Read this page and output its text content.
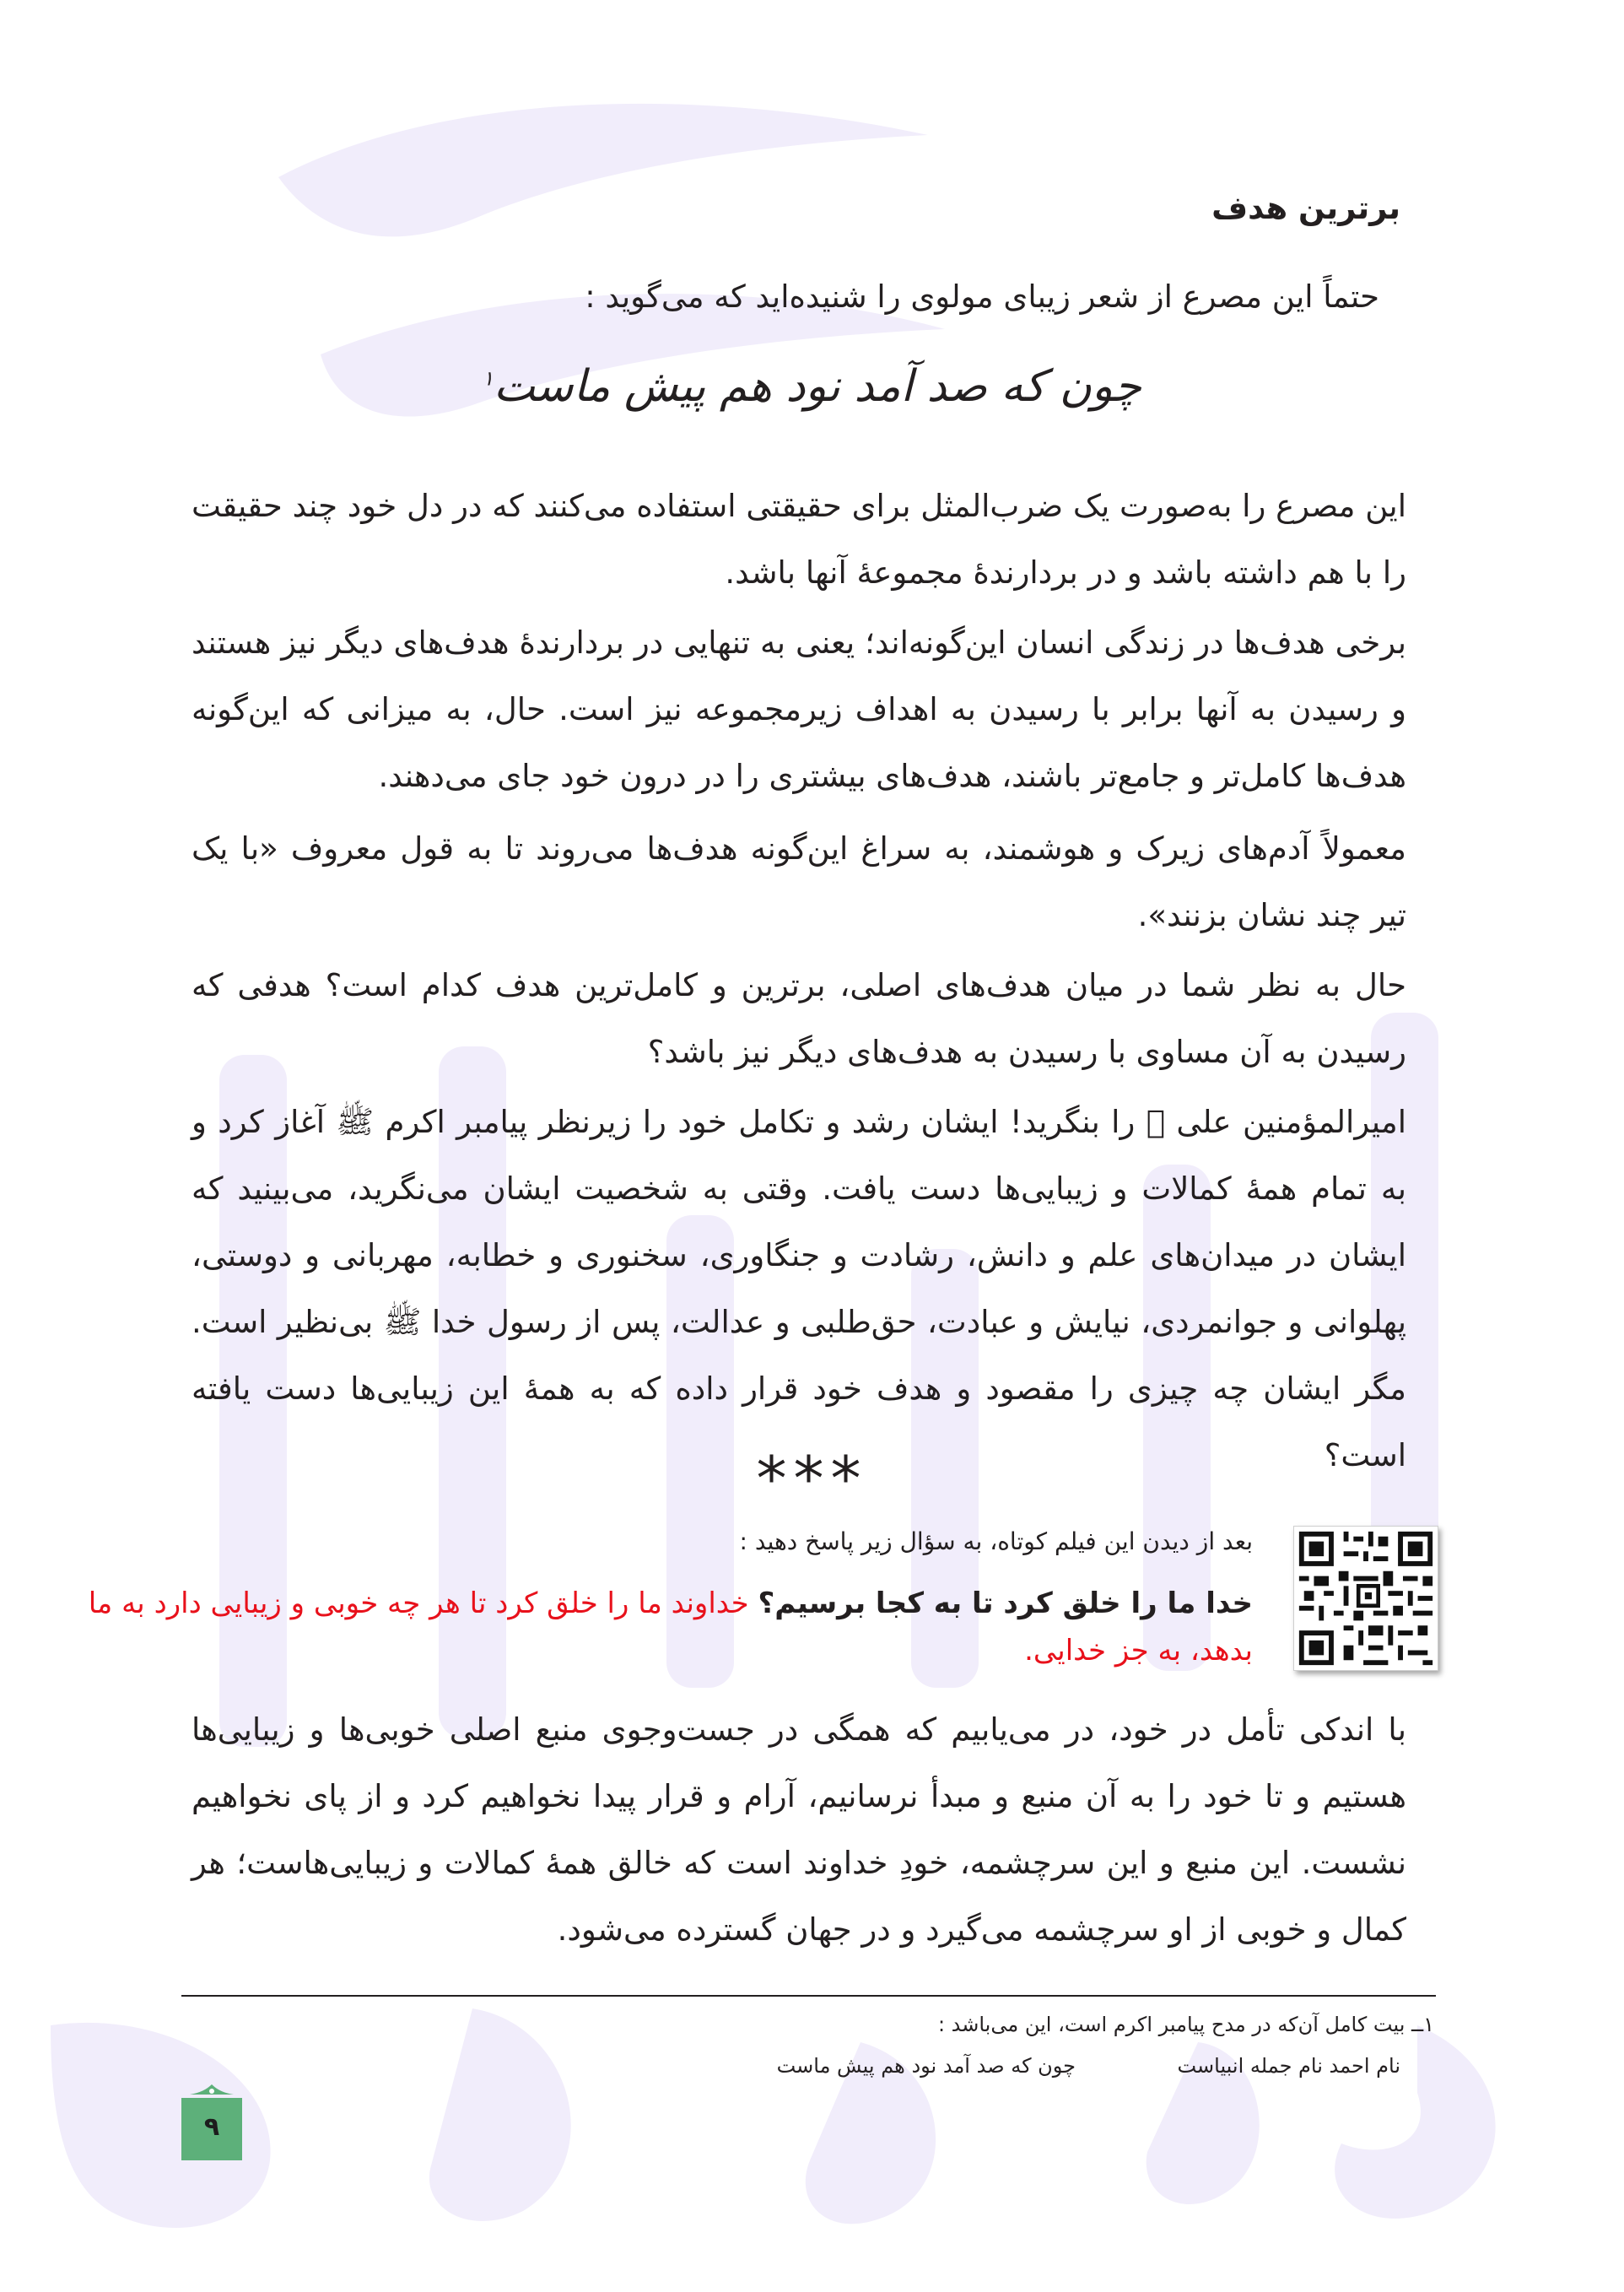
برترین هدف

حتماً این مصرع از شعر زیبای مولوی را شنیده‌اید که می‌گوید :

چون که صد آمد نود هم پیش ماست$^۱$

این مصرع را به‌صورت یک ضرب‌المثل برای حقیقتی استفاده می‌کنند که در دل خود چند حقیقت را با هم داشته باشد و در بردارندهٔ مجموعهٔ آنها باشد.

برخی هدف‌ها در زندگی انسان این‌گونه‌اند؛ یعنی به تنهایی در بردارندهٔ هدف‌های دیگر نیز هستند و رسیدن به آنها برابر با رسیدن به اهداف زیرمجموعه نیز است. حال، به میزانی که این‌گونه هدف‌ها کامل‌تر و جامع‌تر باشند، هدف‌های بیشتری را در درون خود جای می‌دهند.

معمولاً آدم‌های زیرک و هوشمند، به سراغ این‌گونه هدف‌ها می‌روند تا به قول معروف «با یک تیر چند نشان بزنند».

حال به نظر شما در میان هدف‌های اصلی، برترین و کامل‌ترین هدف کدام است؟ هدفی که رسیدن به آن مساوی با رسیدن به هدف‌های دیگر نیز باشد؟

امیرالمؤمنین علی ﷤ را بنگرید! ایشان رشد و تکامل خود را زیرنظر پیامبر اکرم ﷺ آغاز کرد و به تمام همهٔ کمالات و زیبایی‌ها دست یافت. وقتی به شخصیت ایشان می‌نگرید، می‌بینید که ایشان در میدان‌های علم و دانش، رشادت و جنگاوری، سخنوری و خطابه، مهربانی و دوستی، پهلوانی و جوانمردی، نیایش و عبادت، حق‌طلبی و عدالت، پس از رسول خدا ﷺ بی‌نظیر است. مگر ایشان چه چیزی را مقصود و هدف خود قرار داده که به همهٔ این زیبایی‌ها دست یافته است؟

***

بعد از دیدن این فیلم کوتاه، به سؤال زیر پاسخ دهید :

خدا ما را خلق کرد تا به کجا برسیم؟ خداوند ما را خلق کرد تا هر چه خوبی و زیبایی دارد به ما بدهد، به جز خدایی.

با اندکی تأمل در خود، در می‌یابیم که همگی در جست‌وجوی منبع اصلی خوبی‌ها و زیبایی‌ها هستیم و تا خود را به آن منبع و مبدأ نرسانیم، آرام و قرار پیدا نخواهیم کرد و از پای نخواهیم نشست. این منبع و این سرچشمه، خودِ خداوند است که خالق همهٔ کمالات و زیبایی‌هاست؛ هر کمال و خوبی از او سرچشمه می‌گیرد و در جهان گسترده می‌شود.

۱ــ بیت کامل آن‌که در مدح پیامبر اکرم است، این می‌باشد :

نام احمد نام جمله انبیاست

چون که صد آمد نود هم پیش ماست

۹
